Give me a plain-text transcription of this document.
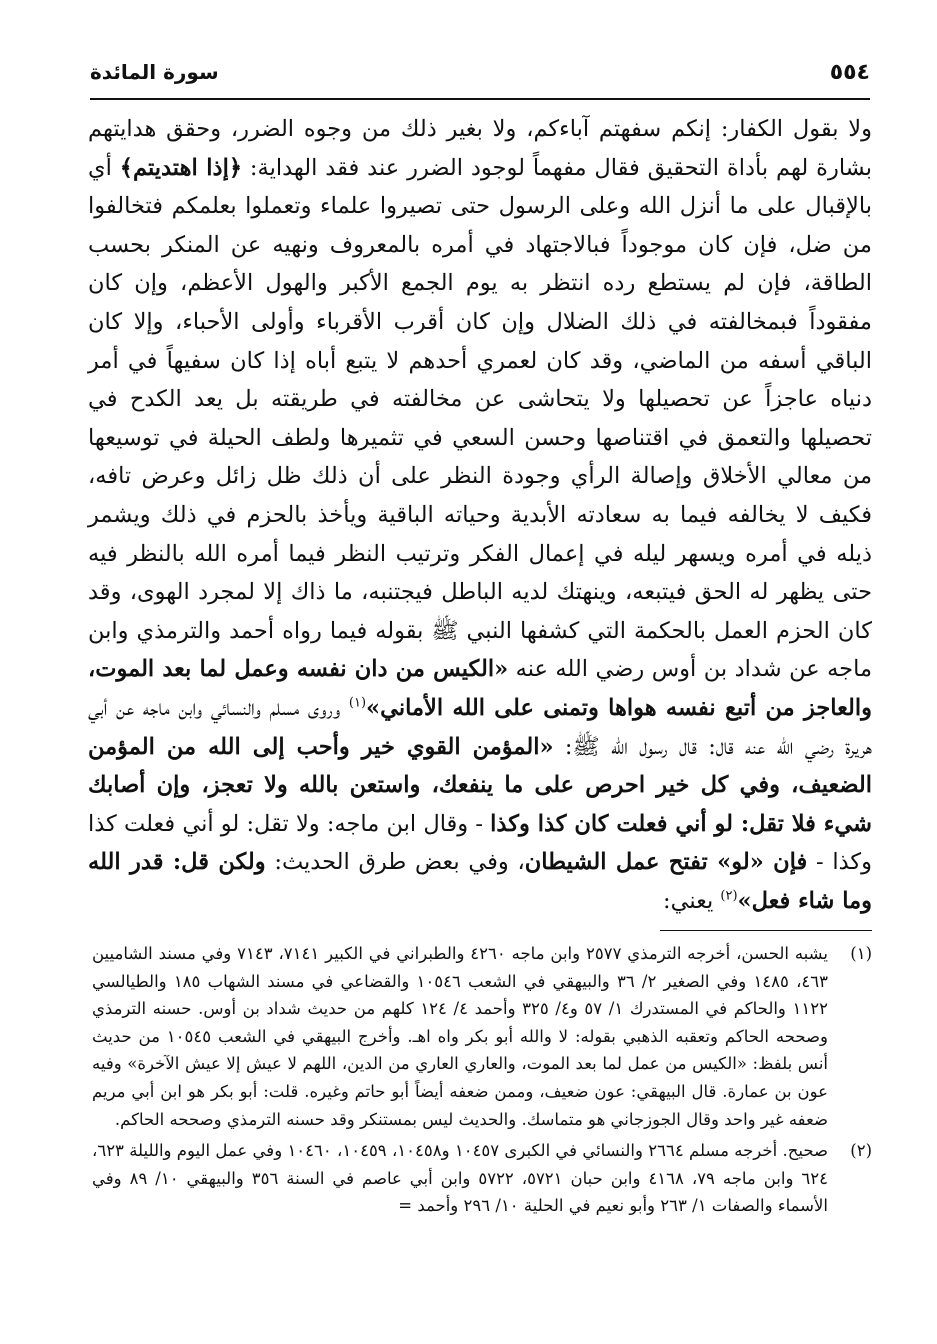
٥٥٤
سورة المائدة

ولا بقول الكفار: إنكم سفهتم آباءكم، ولا بغير ذلك من وجوه الضرر، وحقق هدايتهم بشارة لهم بأداة التحقيق فقال مفهماً لوجود الضرر عند فقد الهداية: ﴿إذا اهتديتم﴾ أي بالإقبال على ما أنزل الله وعلى الرسول حتى تصيروا علماء وتعملوا بعلمكم فتخالفوا من ضل، فإن كان موجوداً فبالاجتهاد في أمره بالمعروف ونهيه عن المنكر بحسب الطاقة، فإن لم يستطع رده انتظر به يوم الجمع الأكبر والهول الأعظم، وإن كان مفقوداً فبمخالفته في ذلك الضلال وإن كان أقرب الأقرباء وأولى الأحباء، وإلا كان الباقي أسفه من الماضي، وقد كان لعمري أحدهم لا يتبع أباه إذا كان سفيهاً في أمر دنياه عاجزاً عن تحصيلها ولا يتحاشى عن مخالفته في طريقته بل يعد الكدح في تحصيلها والتعمق في اقتناصها وحسن السعي في تثميرها ولطف الحيلة في توسيعها من معالي الأخلاق وإصالة الرأي وجودة النظر على أن ذلك ظل زائل وعرض تافه، فكيف لا يخالفه فيما به سعادته الأبدية وحياته الباقية ويأخذ بالحزم في ذلك ويشمر ذيله في أمره ويسهر ليله في إعمال الفكر وترتيب النظر فيما أمره الله بالنظر فيه حتى يظهر له الحق فيتبعه، وينهتك لديه الباطل فيجتنبه، ما ذاك إلا لمجرد الهوى، وقد كان الحزم العمل بالحكمة التي كشفها النبي ﷺ بقوله فيما رواه أحمد والترمذي وابن ماجه عن شداد بن أوس رضي الله عنه «الكيس من دان نفسه وعمل لما بعد الموت، والعاجز من أتبع نفسه هواها وتمنى على الله الأماني»$^{(١)}$ وروى مسلم والنسائي وابن ماجه عن أبي هريرة رضي الله عنه قال: قال رسول الله ﷺ: «المؤمن القوي خير وأحب إلى الله من المؤمن الضعيف، وفي كل خير احرص على ما ينفعك، واستعن بالله ولا تعجز، وإن أصابك شيء فلا تقل: لو أني فعلت كان كذا وكذا - وقال ابن ماجه: ولا تقل: لو أني فعلت كذا وكذا - فإن «لو» تفتح عمل الشيطان، وفي بعض طرق الحديث: ولكن قل: قدر الله وما شاء فعل»$^{(٢)}$ يعني:

(١)
يشبه الحسن، أخرجه الترمذي ٢٥٧٧ وابن ماجه ٤٢٦٠ والطبراني في الكبير ٧١٤١، ٧١٤٣ وفي مسند الشاميين ٤٦٣، ١٤٨٥ وفي الصغير ٢/ ٣٦ والبيهقي في الشعب ١٠٥٤٦ والقضاعي في مسند الشهاب ١٨٥ والطيالسي ١١٢٢ والحاكم في المستدرك ١/ ٥٧ و٤/ ٣٢٥ وأحمد ٤/ ١٢٤ كلهم من حديث شداد بن أوس. حسنه الترمذي وصححه الحاكم وتعقبه الذهبي بقوله: لا والله أبو بكر واه اهـ. وأخرج البيهقي في الشعب ١٠٥٤٥ من حديث أنس بلفظ: «الكيس من عمل لما بعد الموت، والعاري العاري من الدين، اللهم لا عيش إلا عيش الآخرة» وفيه عون بن عمارة. قال البيهقي: عون ضعيف، وممن ضعفه أيضاً أبو حاتم وغيره. قلت: أبو بكر هو ابن أبي مريم ضعفه غير واحد وقال الجوزجاني هو متماسك. والحديث ليس بمستنكر وقد حسنه الترمذي وصححه الحاكم.
(٢)
صحيح. أخرجه مسلم ٢٦٦٤ والنسائي في الكبرى ١٠٤٥٧ و١٠٤٥٨، ١٠٤٥٩، ١٠٤٦٠ وفي عمل اليوم والليلة ٦٢٣، ٦٢٤ وابن ماجه ٧٩، ٤١٦٨ وابن حبان ٥٧٢١، ٥٧٢٢ وابن أبي عاصم في السنة ٣٥٦ والبيهقي ١٠/ ٨٩ وفي الأسماء والصفات ١/ ٢٦٣ وأبو نعيم في الحلية ١٠/ ٢٩٦ وأحمد =
